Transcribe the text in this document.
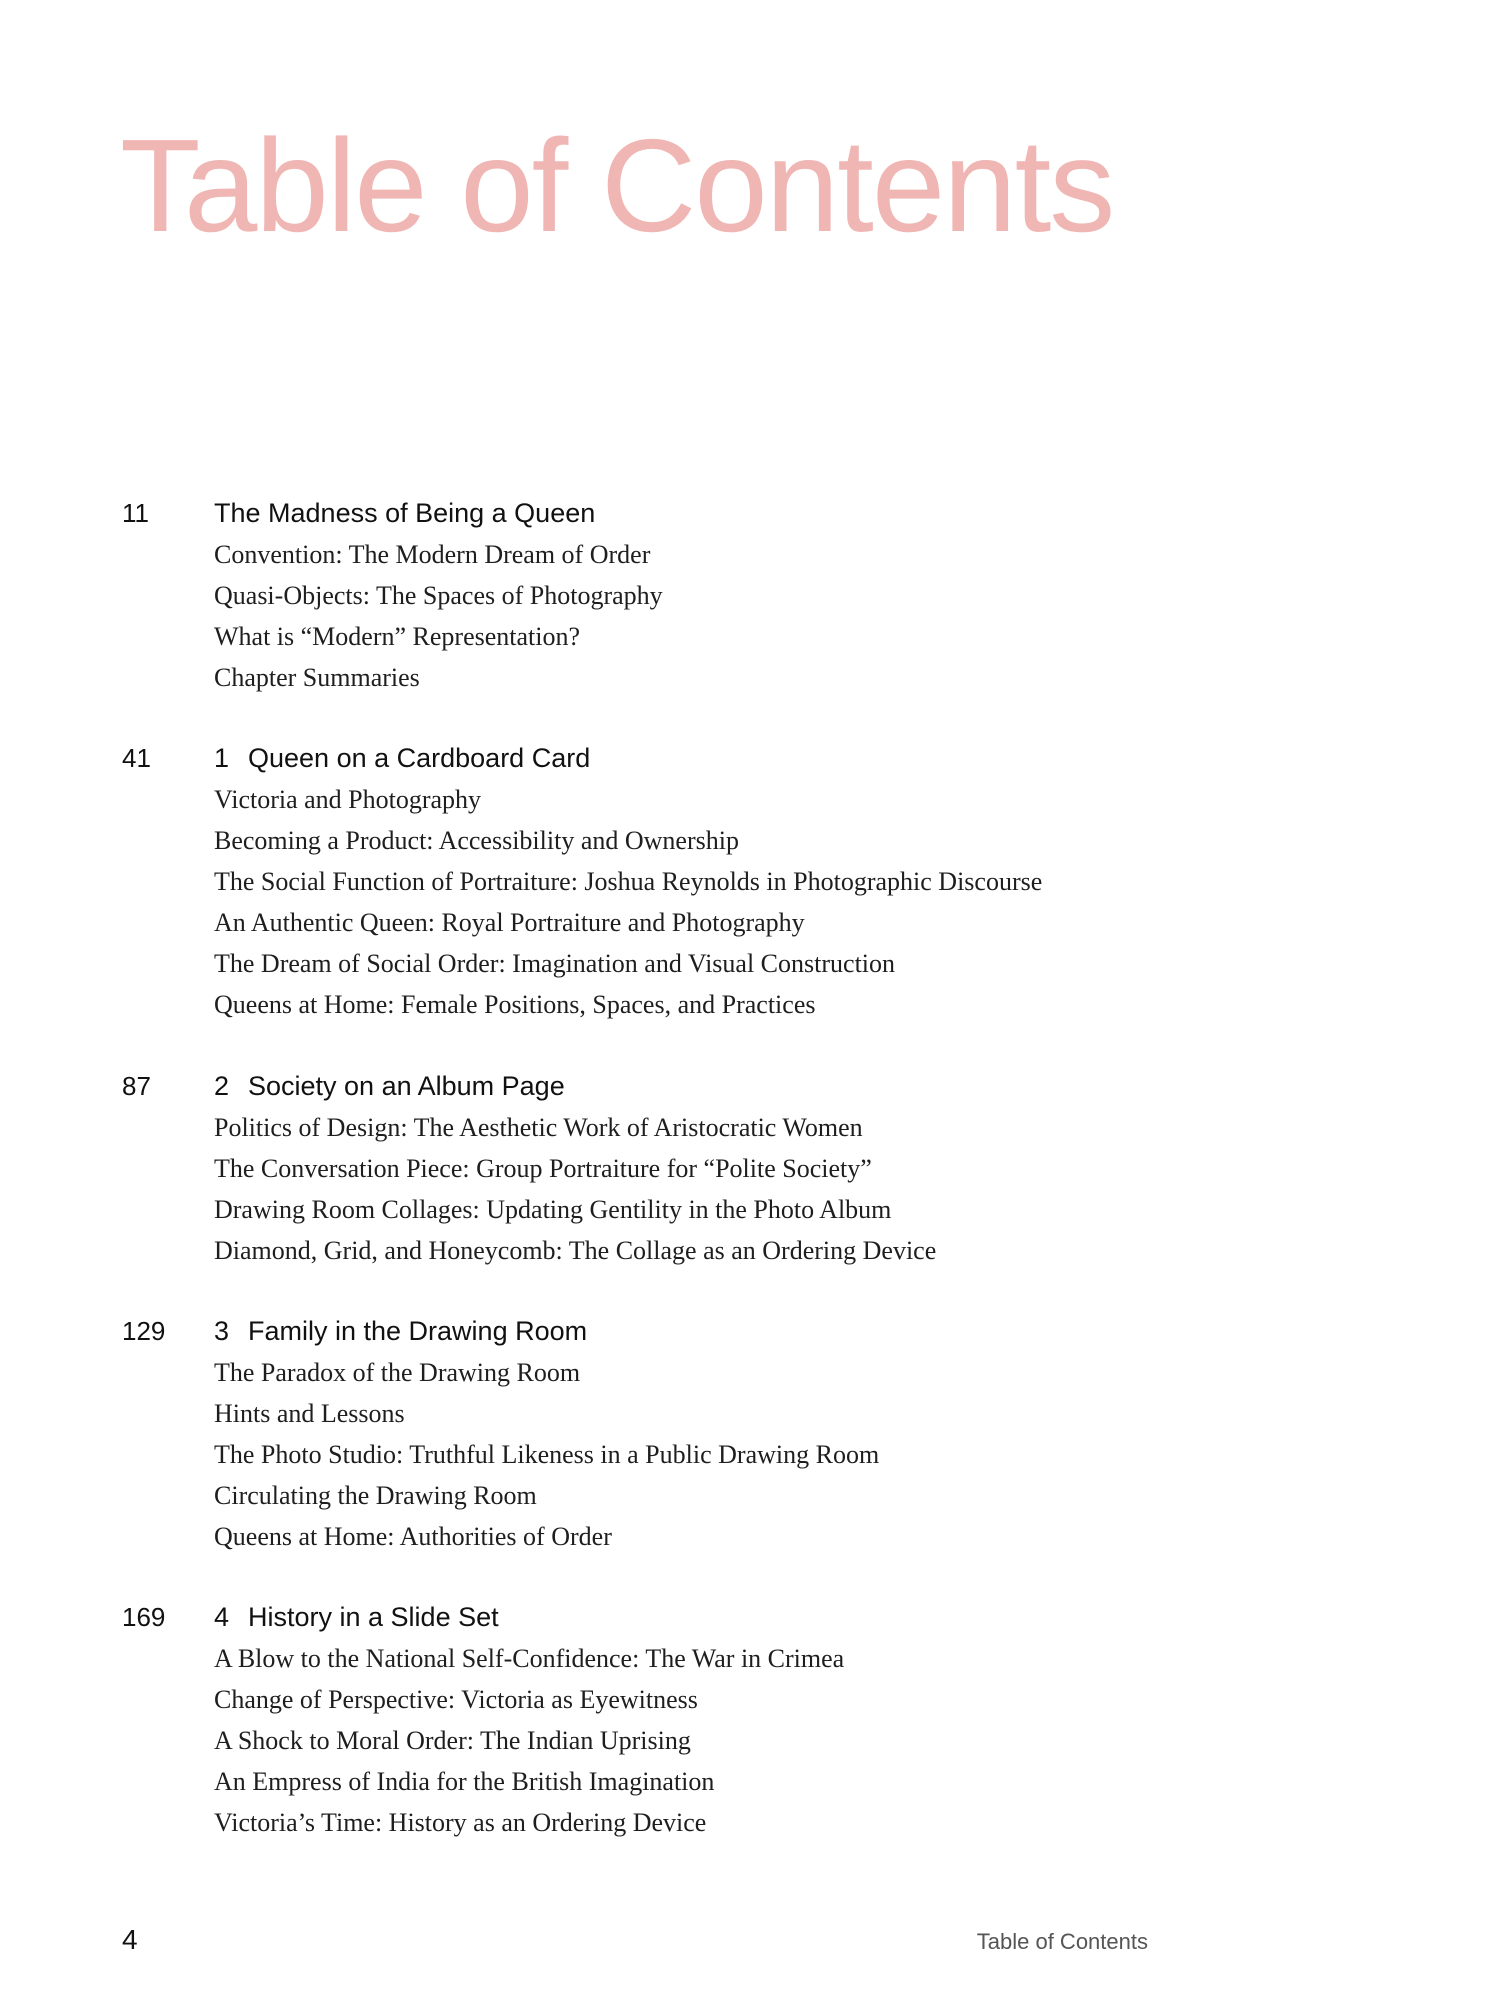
Table of Contents
11 The Madness of Being a Queen
Convention: The Modern Dream of Order
Quasi-Objects: The Spaces of Photography
What is “Modern” Representation?
Chapter Summaries
41 1 Queen on a Cardboard Card
Victoria and Photography
Becoming a Product: Accessibility and Ownership
The Social Function of Portraiture: Joshua Reynolds in Photographic Discourse
An Authentic Queen: Royal Portraiture and Photography
The Dream of Social Order: Imagination and Visual Construction
Queens at Home: Female Positions, Spaces, and Practices
87 2 Society on an Album Page
Politics of Design: The Aesthetic Work of Aristocratic Women
The Conversation Piece: Group Portraiture for “Polite Society”
Drawing Room Collages: Updating Gentility in the Photo Album
Diamond, Grid, and Honeycomb: The Collage as an Ordering Device
129 3 Family in the Drawing Room
The Paradox of the Drawing Room
Hints and Lessons
The Photo Studio: Truthful Likeness in a Public Drawing Room
Circulating the Drawing Room
Queens at Home: Authorities of Order
169 4 History in a Slide Set
A Blow to the National Self-Confidence: The War in Crimea
Change of Perspective: Victoria as Eyewitness
A Shock to Moral Order: The Indian Uprising
An Empress of India for the British Imagination
Victoria’s Time: History as an Ordering Device
4	Table of Contents
